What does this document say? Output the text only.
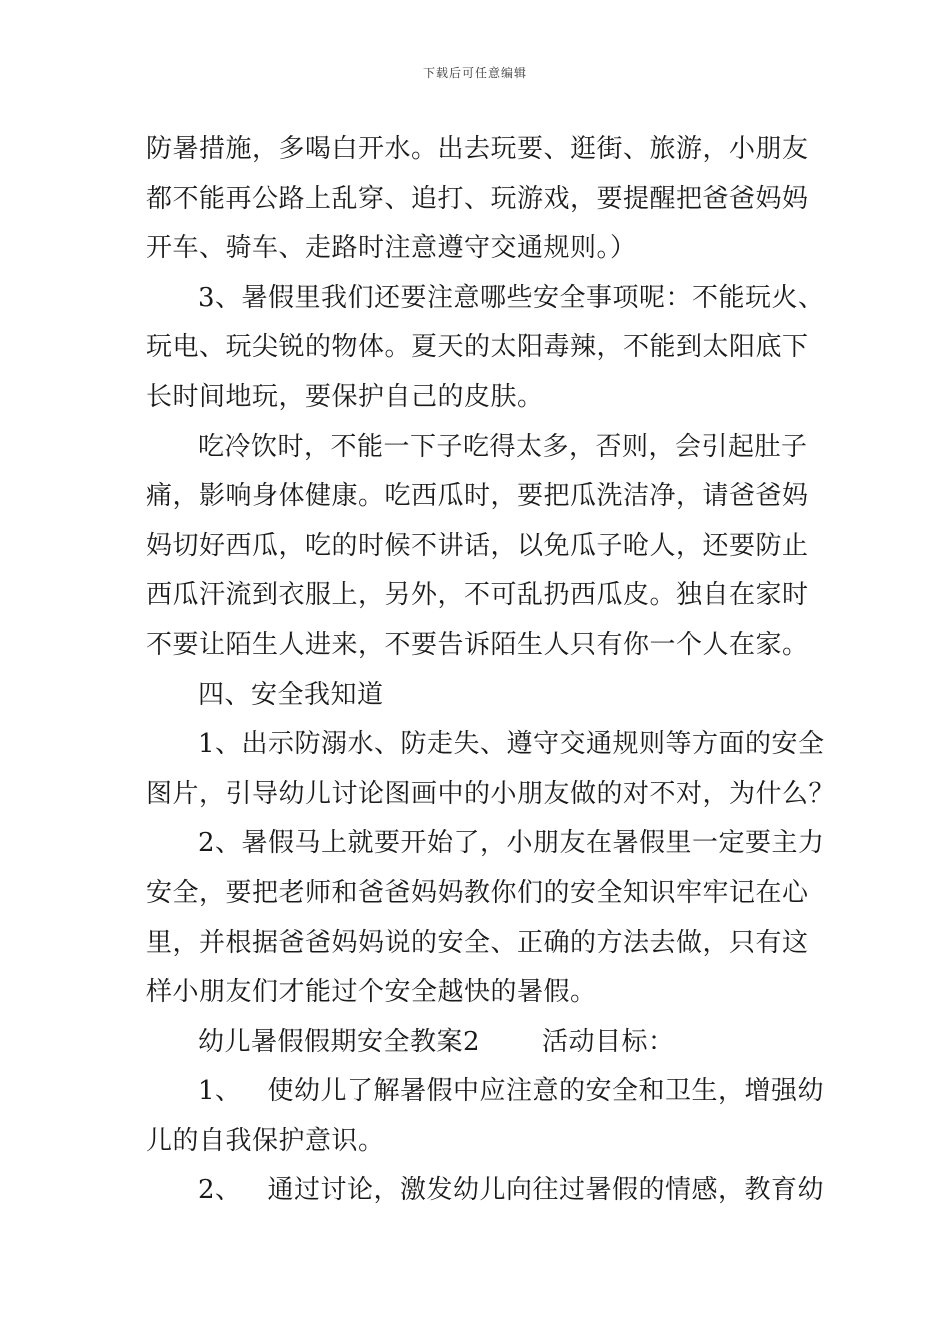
下载后可任意编辑
防暑措施，多喝白开水。出去玩要、逛街、旅游，小朋友
都不能再公路上乱穿、追打、玩游戏，要提醒把爸爸妈妈
开车、骑车、走路时注意遵守交通规则。）
3、暑假里我们还要注意哪些安全事项呢：不能玩火、
玩电、玩尖锐的物体。夏天的太阳毒辣，不能到太阳底下
长时间地玩，要保护自己的皮肤。
吃冷饮时，不能一下子吃得太多，否则，会引起肚子
痛，影响身体健康。吃西瓜时，要把瓜洗洁净，请爸爸妈
妈切好西瓜，吃的时候不讲话，以免瓜子呛人，还要防止
西瓜汗流到衣服上，另外，不可乱扔西瓜皮。独自在家时
不要让陌生人进来，不要告诉陌生人只有你一个人在家。
四、安全我知道
1、出示防溺水、防走失、遵守交通规则等方面的安全
图片，引导幼儿讨论图画中的小朋友做的对不对，为什么？
2、暑假马上就要开始了，小朋友在暑假里一定要主力
安全，要把老师和爸爸妈妈教你们的安全知识牢牢记在心
里，并根据爸爸妈妈说的安全、正确的方法去做，只有这
样小朋友们才能过个安全越快的暑假。
幼儿暑假假期安全教案2 活动目标：
1、 使幼儿了解暑假中应注意的安全和卫生，增强幼
儿的自我保护意识。
2、 通过讨论，激发幼儿向往过暑假的情感，教育幼
